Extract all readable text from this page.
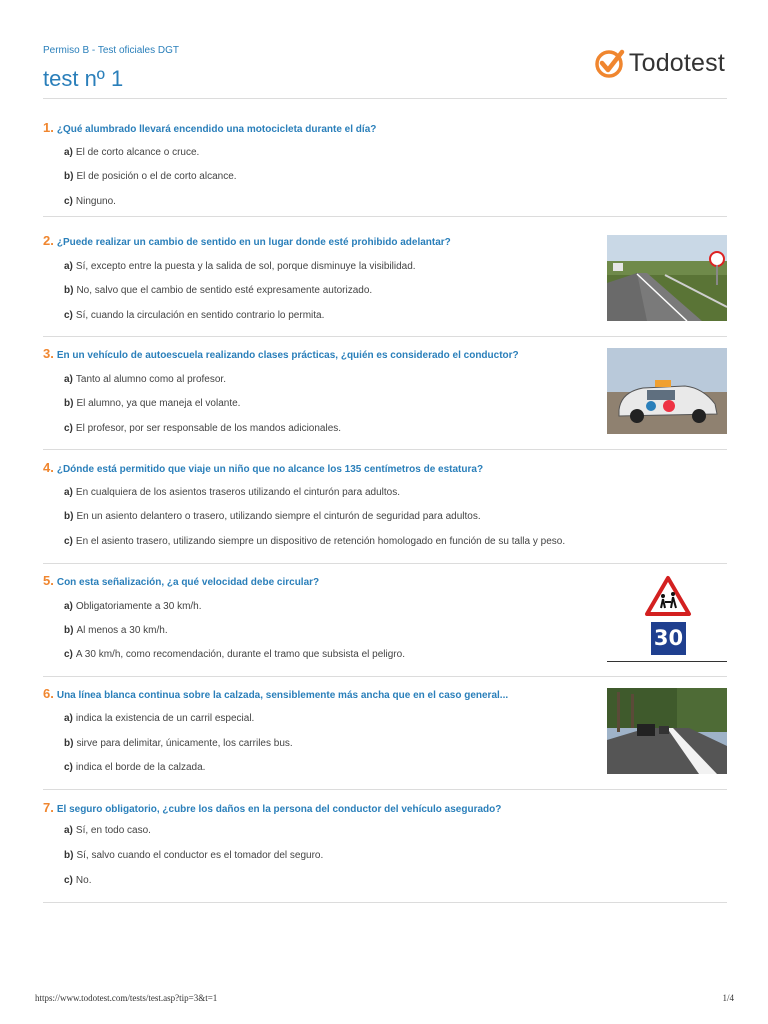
Permiso B - Test oficiales DGT
test nº 1
Todotest
1. ¿Qué alumbrado llevará encendido una motocicleta durante el día?
a) El de corto alcance o cruce.
b) El de posición o el de corto alcance.
c) Ninguno.
2. ¿Puede realizar un cambio de sentido en un lugar donde esté prohibido adelantar?
a) Sí, excepto entre la puesta y la salida de sol, porque disminuye la visibilidad.
b) No, salvo que el cambio de sentido esté expresamente autorizado.
c) Sí, cuando la circulación en sentido contrario lo permita.
3. En un vehículo de autoescuela realizando clases prácticas, ¿quién es considerado el conductor?
a) Tanto al alumno como al profesor.
b) El alumno, ya que maneja el volante.
c) El profesor, por ser responsable de los mandos adicionales.
4. ¿Dónde está permitido que viaje un niño que no alcance los 135 centímetros de estatura?
a) En cualquiera de los asientos traseros utilizando el cinturón para adultos.
b) En un asiento delantero o trasero, utilizando siempre el cinturón de seguridad para adultos.
c) En el asiento trasero, utilizando siempre un dispositivo de retención homologado en función de su talla y peso.
5. Con esta señalización, ¿a qué velocidad debe circular?
a) Obligatoriamente a 30 km/h.
b) Al menos a 30 km/h.
c) A 30 km/h, como recomendación, durante el tramo que subsista el peligro.
30
6. Una línea blanca continua sobre la calzada, sensiblemente más ancha que en el caso general...
a) indica la existencia de un carril especial.
b) sirve para delimitar, únicamente, los carriles bus.
c) indica el borde de la calzada.
7. El seguro obligatorio, ¿cubre los daños en la persona del conductor del vehículo asegurado?
a) Sí, en todo caso.
b) Sí, salvo cuando el conductor es el tomador del seguro.
c) No.
https://www.todotest.com/tests/test.asp?tip=3&t=1	1/4
